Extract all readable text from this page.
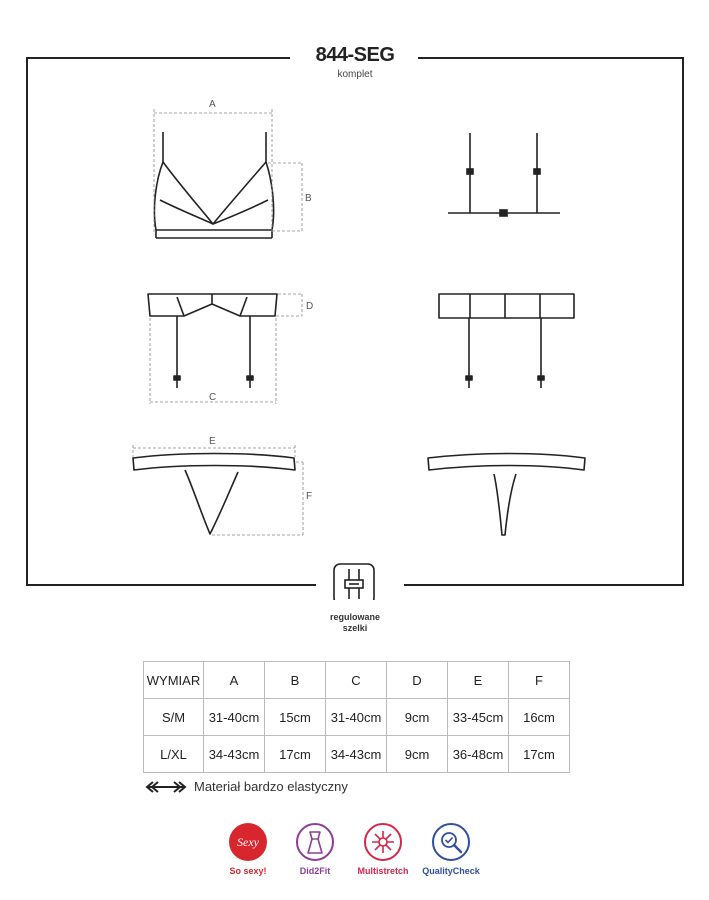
A
B
C
D
E
F
844-SEG
komplet
regulowane
szelki
WYMIAR	A	B	C	D	E	F
S/M	31-40cm	15cm	31-40cm	9cm	33-45cm	16cm
L/XL	34-43cm	17cm	34-43cm	9cm	36-48cm	17cm
Materiał bardzo elastyczny
Sexy
So sexy!	Did2Fit	Multistretch	QualityCheck
